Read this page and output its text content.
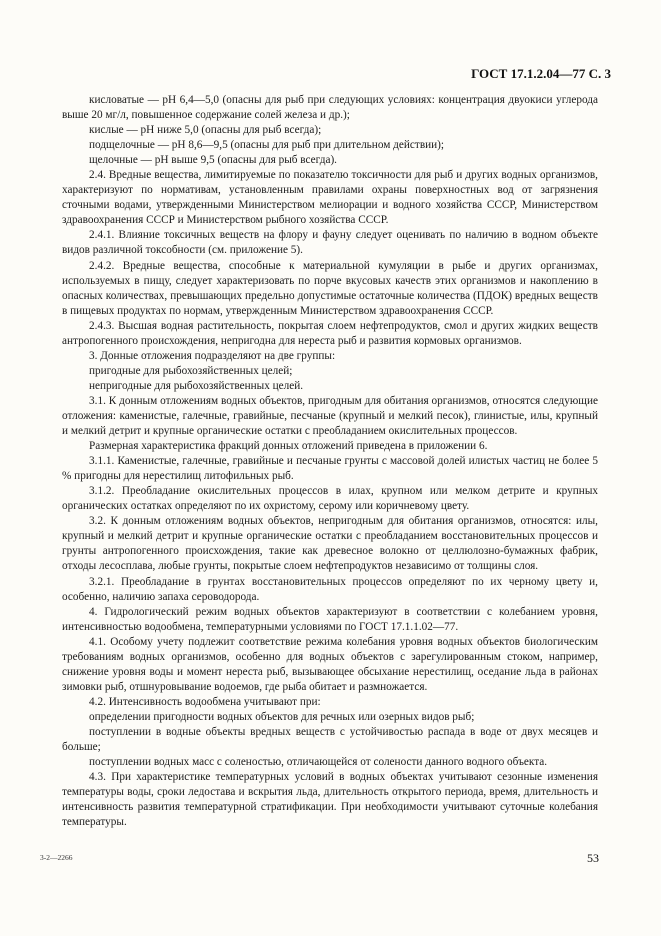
ГОСТ 17.1.2.04—77 С. 3

кисловатые — рН 6,4—5,0 (опасны для рыб при следующих условиях: концентрация двуокиси углерода выше 20 мг/л, повышенное содержание солей железа и др.);

кислые — рН ниже 5,0 (опасны для рыб всегда);

подщелочные — рН 8,6—9,5 (опасны для рыб при длительном действии);

щелочные — рН выше 9,5 (опасны для рыб всегда).

2.4. Вредные вещества, лимитируемые по показателю токсичности для рыб и других водных организмов, характеризуют по нормативам, установленным правилами охраны поверхностных вод от загрязнения сточными водами, утвержденными Министерством мелиорации и водного хозяйства СССР, Министерством здравоохранения СССР и Министерством рыбного хозяйства СССР.

2.4.1. Влияние токсичных веществ на флору и фауну следует оценивать по наличию в водном объекте видов различной токсобности (см. приложение 5).

2.4.2. Вредные вещества, способные к материальной кумуляции в рыбе и других организмах, используемых в пищу, следует характеризовать по порче вкусовых качеств этих организмов и накоплению в опасных количествах, превышающих предельно допустимые остаточные количества (ПДОК) вредных веществ в пищевых продуктах по нормам, утвержденным Министерством здравоохранения СССР.

2.4.3. Высшая водная растительность, покрытая слоем нефтепродуктов, смол и других жидких веществ антропогенного происхождения, непригодна для нереста рыб и развития кормовых организмов.

3. Донные отложения подразделяют на две группы:

пригодные для рыбохозяйственных целей;

непригодные для рыбохозяйственных целей.

3.1. К донным отложениям водных объектов, пригодным для обитания организмов, относятся следующие отложения: каменистые, галечные, гравийные, песчаные (крупный и мелкий песок), глинистые, илы, крупный и мелкий детрит и крупные органические остатки с преобладанием окислительных процессов.

Размерная характеристика фракций донных отложений приведена в приложении 6.

3.1.1. Каменистые, галечные, гравийные и песчаные грунты с массовой долей илистых частиц не более 5 % пригодны для нерестилищ литофильных рыб.

3.1.2. Преобладание окислительных процессов в илах, крупном или мелком детрите и крупных органических остатках определяют по их охристому, серому или коричневому цвету.

3.2. К донным отложениям водных объектов, непригодным для обитания организмов, относятся: илы, крупный и мелкий детрит и крупные органические остатки с преобладанием восстановительных процессов и грунты антропогенного происхождения, такие как древесное волокно от целлюлозно-бумажных фабрик, отходы лесосплава, любые грунты, покрытые слоем нефтепродуктов независимо от толщины слоя.

3.2.1. Преобладание в грунтах восстановительных процессов определяют по их черному цвету и, особенно, наличию запаха сероводорода.

4. Гидрологический режим водных объектов характеризуют в соответствии с колебанием уровня, интенсивностью водообмена, температурными условиями по ГОСТ 17.1.1.02—77.

4.1. Особому учету подлежит соответствие режима колебания уровня водных объектов биологическим требованиям водных организмов, особенно для водных объектов с зарегулированным стоком, например, снижение уровня воды и момент нереста рыб, вызывающее обсыхание нерестилищ, оседание льда в районах зимовки рыб, отшнуровывание водоемов, где рыба обитает и размножается.

4.2. Интенсивность водообмена учитывают при:

определении пригодности водных объектов для речных или озерных видов рыб;

поступлении в водные объекты вредных веществ с устойчивостью распада в воде от двух месяцев и больше;

поступлении водных масс с соленостью, отличающейся от солености данного водного объекта.

4.3. При характеристике температурных условий в водных объектах учитывают сезонные изменения температуры воды, сроки ледостава и вскрытия льда, длительность открытого периода, время, длительность и интенсивность развития температурной стратификации. При необходимости учитывают суточные колебания температуры.

3-2—2266	53
